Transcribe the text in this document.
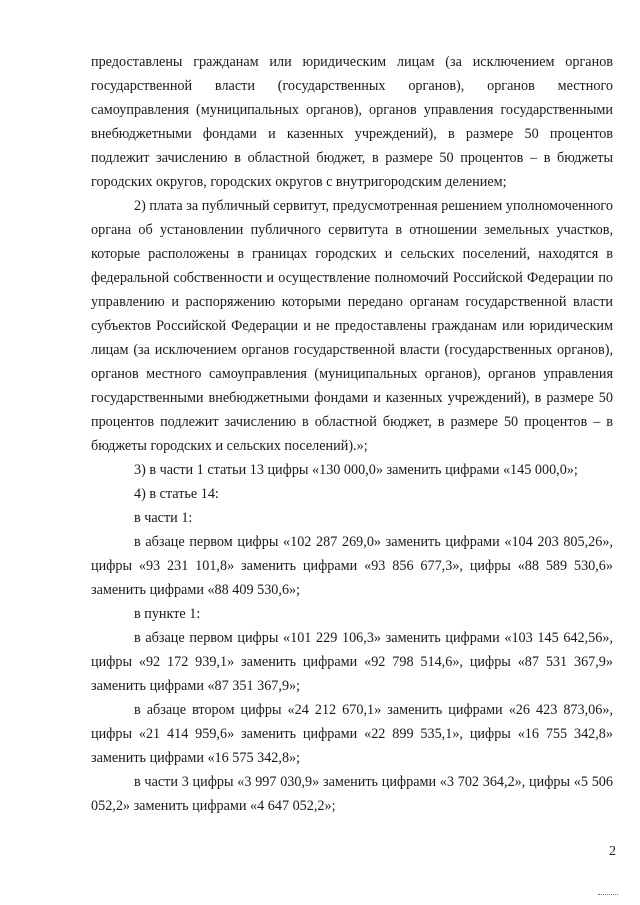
предоставлены гражданам или юридическим лицам (за исключением органов государственной власти (государственных органов), органов местного самоуправления (муниципальных органов), органов управления государственными внебюджетными фондами и казенных учреждений), в размере 50 процентов подлежит зачислению в областной бюджет, в размере 50 процентов – в бюджеты городских округов, городских округов с внутригородским делением;

2) плата за публичный сервитут, предусмотренная решением уполномоченного органа об установлении публичного сервитута в отношении земельных участков, которые расположены в границах городских и сельских поселений, находятся в федеральной собственности и осуществление полномочий Российской Федерации по управлению и распоряжению которыми передано органам государственной власти субъектов Российской Федерации и не предоставлены гражданам или юридическим лицам (за исключением органов государственной власти (государственных органов), органов местного самоуправления (муниципальных органов), органов управления государственными внебюджетными фондами и казенных учреждений), в размере 50 процентов подлежит зачислению в областной бюджет, в размере 50 процентов – в бюджеты городских и сельских поселений).»;

3) в части 1 статьи 13 цифры «130 000,0» заменить цифрами «145 000,0»;

4) в статье 14:

в части 1:

в абзаце первом цифры «102 287 269,0» заменить цифрами «104 203 805,26», цифры «93 231 101,8» заменить цифрами «93 856 677,3», цифры «88 589 530,6» заменить цифрами «88 409 530,6»;

в пункте 1:

в абзаце первом цифры «101 229 106,3» заменить цифрами «103 145 642,56», цифры «92 172 939,1» заменить цифрами «92 798 514,6», цифры «87 531 367,9» заменить цифрами «87 351 367,9»;

в абзаце втором цифры «24 212 670,1» заменить цифрами «26 423 873,06», цифры «21 414 959,6» заменить цифрами «22 899 535,1», цифры «16 755 342,8» заменить цифрами «16 575 342,8»;

в части 3 цифры «3 997 030,9» заменить цифрами «3 702 364,2», цифры «5 506 052,2» заменить цифрами «4 647 052,2»;

2
